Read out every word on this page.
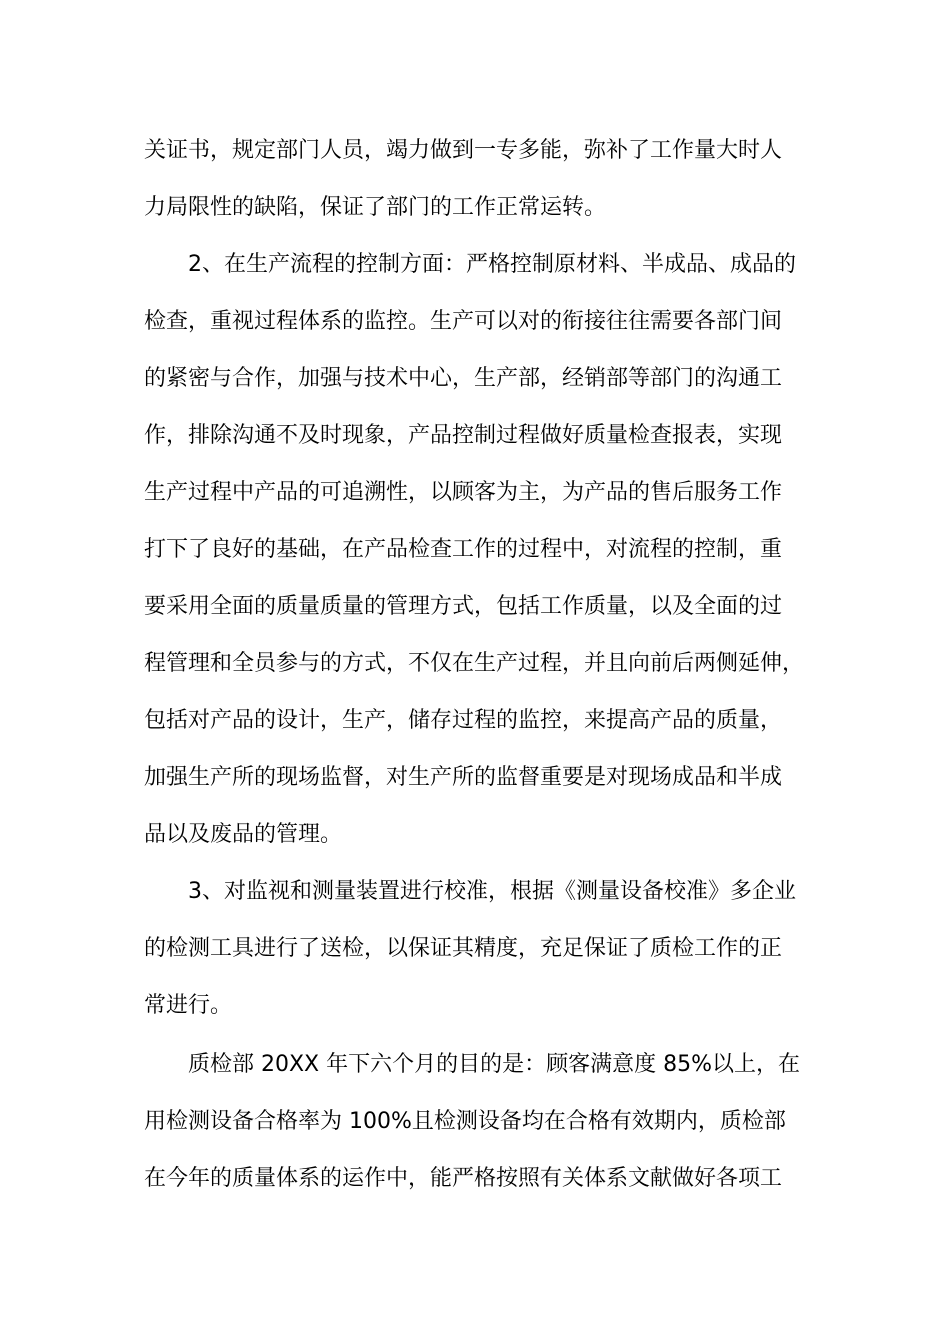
关证书，规定部门人员，竭力做到一专多能，弥补了工作量大时人

力局限性的缺陷，保证了部门的工作正常运转。

2、在生产流程的控制方面：严格控制原材料、半成品、成品的

检查，重视过程体系的监控。生产可以对的衔接往往需要各部门间

的紧密与合作，加强与技术中心，生产部，经销部等部门的沟通工

作，排除沟通不及时现象，产品控制过程做好质量检查报表，实现

生产过程中产品的可追溯性，以顾客为主，为产品的售后服务工作

打下了良好的基础，在产品检查工作的过程中，对流程的控制，重

要采用全面的质量质量的管理方式，包括工作质量，以及全面的过

程管理和全员参与的方式，不仅在生产过程，并且向前后两侧延伸，

包括对产品的设计，生产，储存过程的监控，来提高产品的质量，

加强生产所的现场监督，对生产所的监督重要是对现场成品和半成

品以及废品的管理。

3、对监视和测量装置进行校准，根据《测量设备校准》多企业

的检测工具进行了送检，以保证其精度，充足保证了质检工作的正

常进行。

质检部 20XX 年下六个月的目的是：顾客满意度 85%以上，在

用检测设备合格率为 100%且检测设备均在合格有效期内，质检部

在今年的质量体系的运作中，能严格按照有关体系文献做好各项工
